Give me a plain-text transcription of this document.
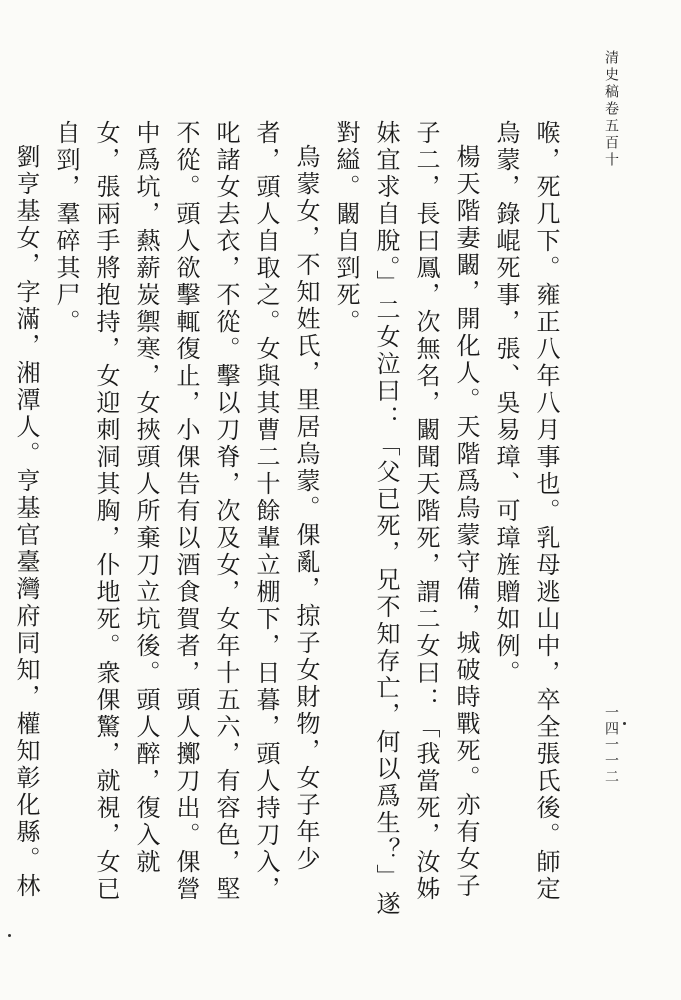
清史稿卷五百十
一四一一二

喉，死几下。雍正八年八月事也。乳母逃山中，卒全張氏後。師定烏蒙，錄崐死事，張、吳易璋、可璋旌贈如例。

楊天階妻闞，開化人。天階爲烏蒙守備，城破時戰死。亦有女子子二，長曰鳳，次無名，闞聞天階死，謂二女曰：「我當死，汝姊妹宜求自脫。」二女泣曰：「父已死，兄不知存亡，何以爲生？」遂對縊。闞自剄死。

烏蒙女，不知姓氏，里居烏蒙。倮亂，掠子女財物，女子年少者，頭人自取之。女與其曹二十餘輩立棚下，日暮，頭人持刀入，叱諸女去衣，不從。擊以刀脊，次及女，女年十五六，有容色，堅不從。頭人欲擊輒復止，小倮告有以酒食賀者，頭人擲刀出。倮營中爲坑，爇薪炭禦寒，女挾頭人所棄刀立坑後。頭人醉，復入就女，張兩手將抱持，女迎刺洞其胸，仆地死。衆倮驚，就視，女已自剄，羣碎其尸。

劉亨基女，字滿，湘潭人。亨基官臺灣府同知，權知彰化縣。林
